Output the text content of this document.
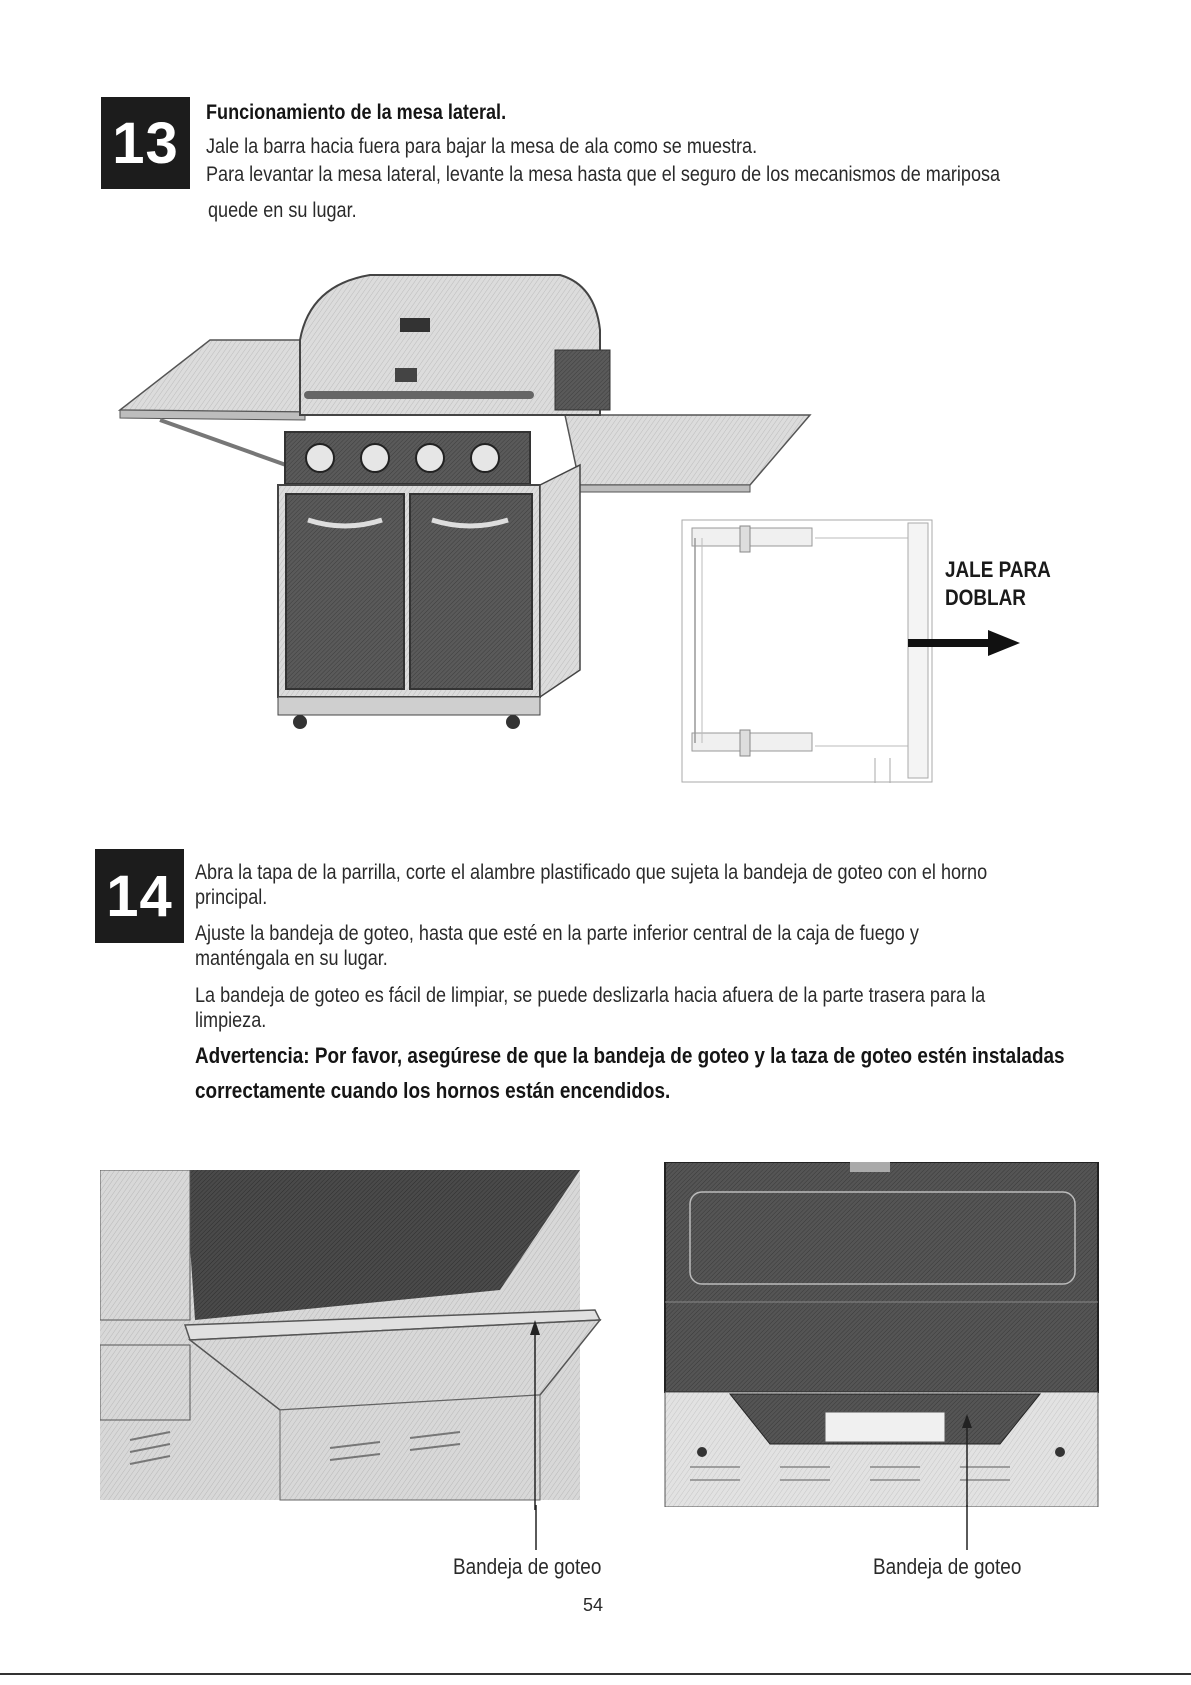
13 Funcionamiento de la mesa lateral.
Jale la barra hacia fuera para bajar la mesa de ala como se muestra.
Para levantar la mesa lateral, levante la mesa hasta que el seguro de los mecanismos de mariposa
quede en su lugar.
JALE PARA
DOBLAR
14 Abra la tapa de la parrilla, corte el alambre plastificado que sujeta la bandeja de goteo con el horno
principal.
Ajuste la bandeja de goteo, hasta que esté en la parte inferior central de la caja de fuego y
manténgala en su lugar.
La bandeja de goteo es fácil de limpiar, se puede deslizarla hacia afuera de la parte trasera para la
limpieza.
Advertencia: Por favor, asegúrese de que la bandeja de goteo y la taza de goteo estén instaladas
correctamente cuando los hornos están encendidos.
Bandeja de goteo	Bandeja de goteo
54
